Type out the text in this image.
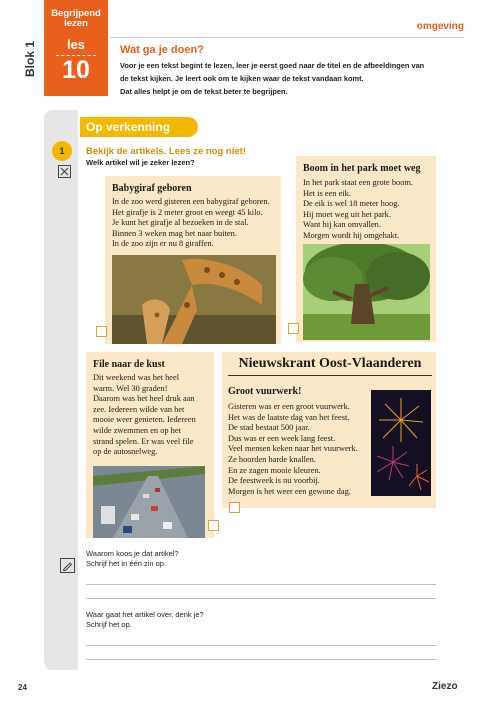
Begrijpend lezen
les
10
omgeving
Blok 1	Wat ga je doen?
Voor je een tekst begint te lezen, leer je eerst goed naar de titel en de afbeeldingen van
de tekst kijken. Je leert ook om te kijken waar de tekst vandaan komt.
Dat alles helpt je om de tekst beter te begrijpen.
Op verkenning
1	Bekijk de artikels. Lees ze nog niet!
Welk artikel wil je zeker lezen?
Babygiraf geboren
In de zoo werd gisteren een babygiraf geboren.
Het girafje is 2 meter groot en weegt 45 kilo.
Je kunt het girafje al bezoeken in de stal.
Binnen 3 weken mag het naar buiten.
In de zoo zijn er nu 8 giraffen.
Boom in het park moet weg
In het park staat een grote boom.
Het is een eik.
De eik is wel 18 meter hoog.
Hij moet weg uit het park.
Want hij kan omvallen.
Morgen wordt hij omgehakt.
File naar de kust
Dit weekend was het heel
warm. Wel 30 graden!
Daarom was het heel druk aan
zee. Iedereen wilde van het
mooie weer genieten. Iedereen
wilde zwemmen en op het
strand spelen. Er was veel file
op de autosnelweg.
Nieuwskrant Oost-Vlaanderen
Groot vuurwerk!
Gisteren was er een groot vuurwerk.
Het was de laatste dag van het feest.
De stad bestaat 500 jaar.
Dus was er een week lang feest.
Veel mensen keken naar het vuurwerk.
Ze hoorden harde knallen.
En ze zagen mooie kleuren.
De feestweek is nu voorbij.
Morgen is het weer een gewone dag.
Waarom koos je dat artikel?
Schrijf het in één zin op.
Waar gaat het artikel over, denk je?
Schrijf het op.
24	Ziezo
